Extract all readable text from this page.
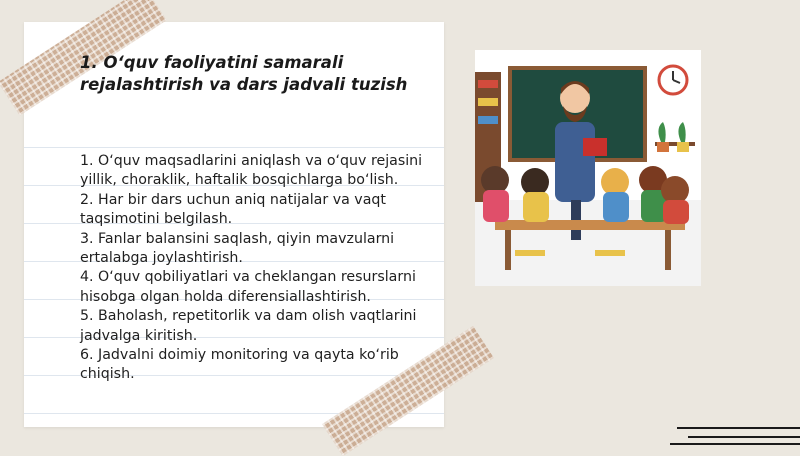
1. O‘quv faoliyatini samarali rejalashtirish va dars jadvali tuzish
1. O‘quv maqsadlarini aniqlash va o‘quv rejasini yillik, choraklik, haftalik bosqichlarga bo‘lish.
2. Har bir dars uchun aniq natijalar va vaqt taqsimotini belgilash.
3. Fanlar balansini saqlash, qiyin mavzularni ertalabga joylashtirish.
4. O‘quv qobiliyatlari va cheklangan resurslarni hisobga olgan holda diferensiallashtirish.
5. Baholash, repetitorlik va dam olish vaqtlarini jadvalga kiritish.
6. Jadvalni doimiy monitoring va qayta ko‘rib chiqish.
